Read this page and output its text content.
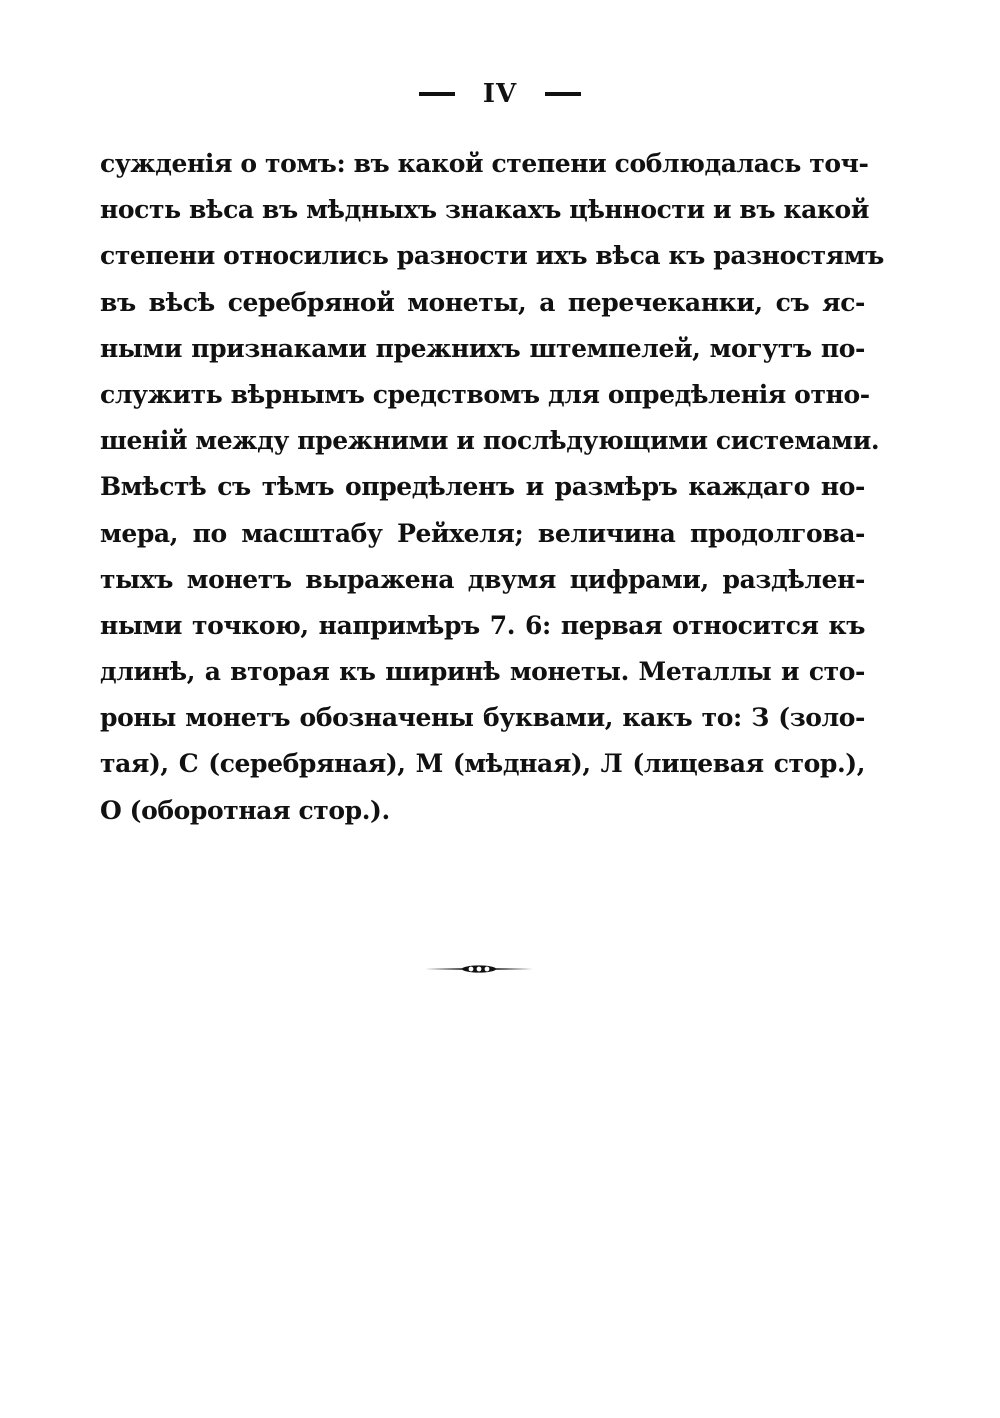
IV
сужденія о томъ: въ какой степени соблюдалась точ-
ность вѣса въ мѣдныхъ знакахъ цѣнности и въ какой
степени относились разности ихъ вѣса къ разностямъ
въ вѣсѣ серебряной монеты, а перечеканки, съ яс-
ными признаками прежнихъ штемпелей, могутъ по-
служить вѣрнымъ средствомъ для опредѣленія отно-
шеній между прежними и послѣдующими системами.
Вмѣстѣ съ тѣмъ опредѣленъ и размѣръ каждаго но-
мера, по масштабу Рейхеля; величина продолгова-
тыхъ монетъ выражена двумя цифрами, раздѣлен-
ными точкою, напримѣръ 7. 6: первая относится къ
длинѣ, а вторая къ ширинѣ монеты. Металлы и сто-
роны монетъ обозначены буквами, какъ то: З (золо-
тая), С (серебряная), М (мѣдная), Л (лицевая стор.),
О (оборотная стор.).
